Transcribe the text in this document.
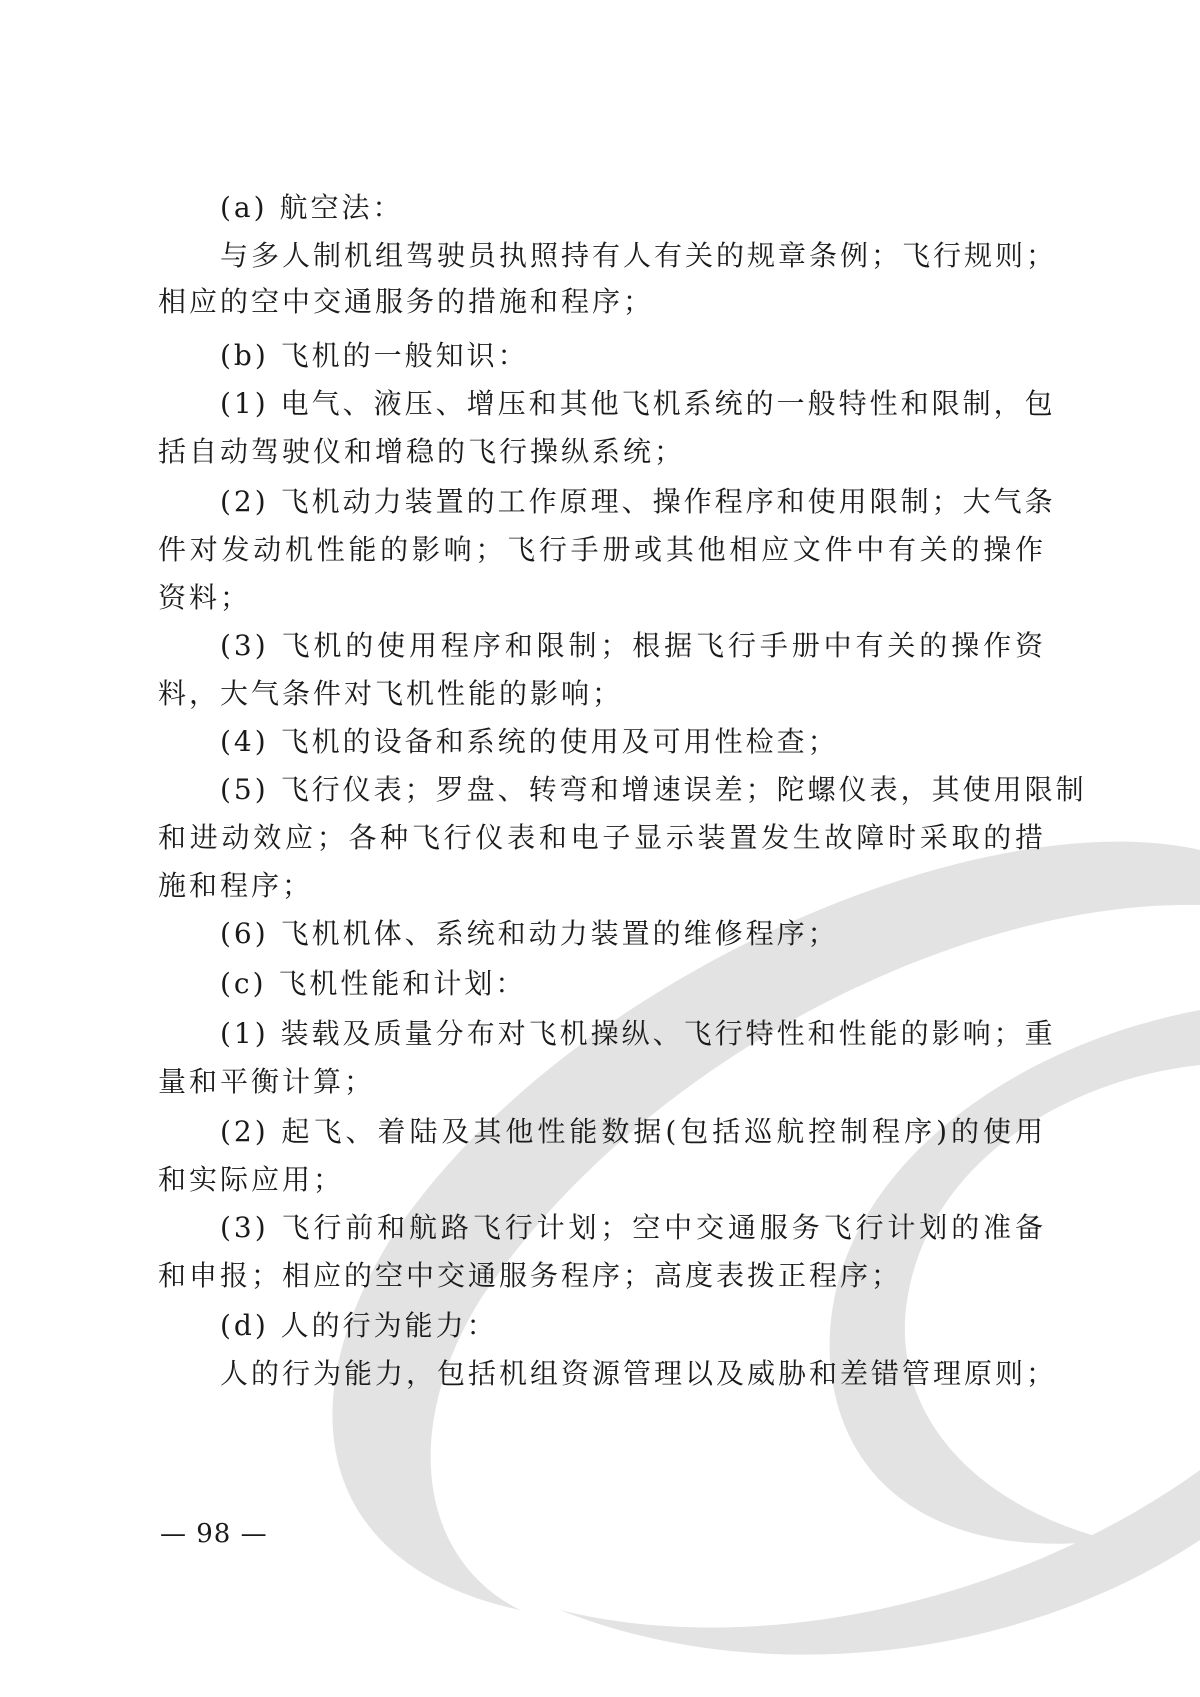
(a) 航空法：
与多人制机组驾驶员执照持有人有关的规章条例；飞行规则；
相应的空中交通服务的措施和程序；
(b) 飞机的一般知识：
(1) 电气、液压、增压和其他飞机系统的一般特性和限制，包
括自动驾驶仪和增稳的飞行操纵系统；
(2) 飞机动力装置的工作原理、操作程序和使用限制；大气条
件对发动机性能的影响；飞行手册或其他相应文件中有关的操作
资料；
(3) 飞机的使用程序和限制；根据飞行手册中有关的操作资
料，大气条件对飞机性能的影响；
(4) 飞机的设备和系统的使用及可用性检查；
(5) 飞行仪表；罗盘、转弯和增速误差；陀螺仪表，其使用限制
和进动效应；各种飞行仪表和电子显示装置发生故障时采取的措
施和程序；
(6) 飞机机体、系统和动力装置的维修程序；
(c) 飞机性能和计划：
(1) 装载及质量分布对飞机操纵、飞行特性和性能的影响；重
量和平衡计算；
(2) 起飞、着陆及其他性能数据(包括巡航控制程序)的使用
和实际应用；
(3) 飞行前和航路飞行计划；空中交通服务飞行计划的准备
和申报；相应的空中交通服务程序；高度表拨正程序；
(d) 人的行为能力：
人的行为能力，包括机组资源管理以及威胁和差错管理原则；
— 98 —
